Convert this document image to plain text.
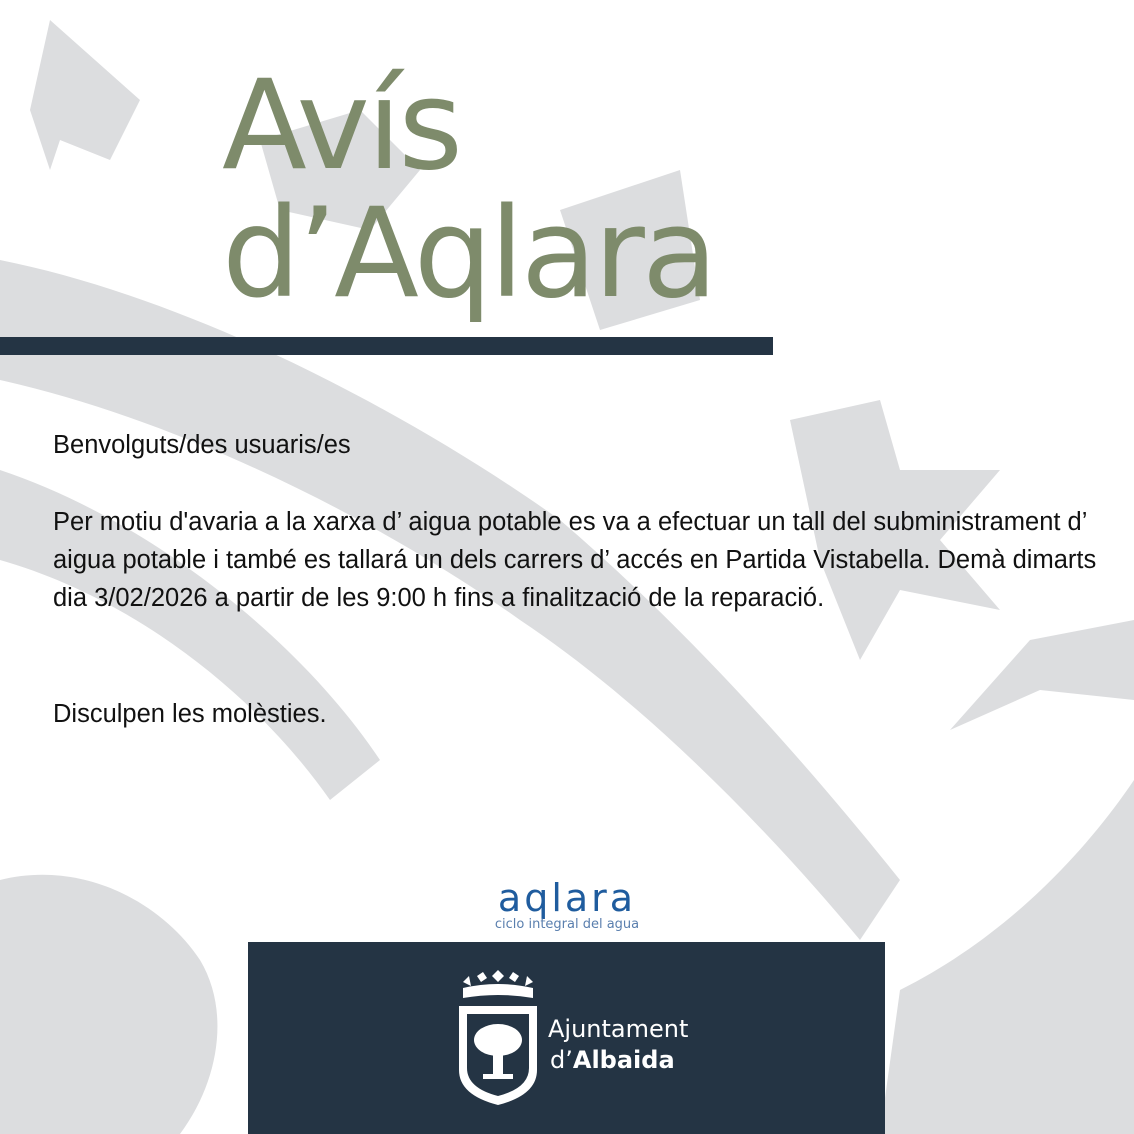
Avís
d’Aqlara
Benvolguts/des usuaris/es
Per motiu d'avaria a la xarxa d’ aigua potable es va a efectuar un tall del subministrament d’ aigua potable i també es tallará un dels carrers d’ accés en Partida Vistabella. Demà dimarts dia 3/02/2026 a partir de les 9:00 h fins a finalització de la reparació.
Disculpen les molèsties.
aqlara
ciclo integral del agua
Ajuntament
d’Albaida
